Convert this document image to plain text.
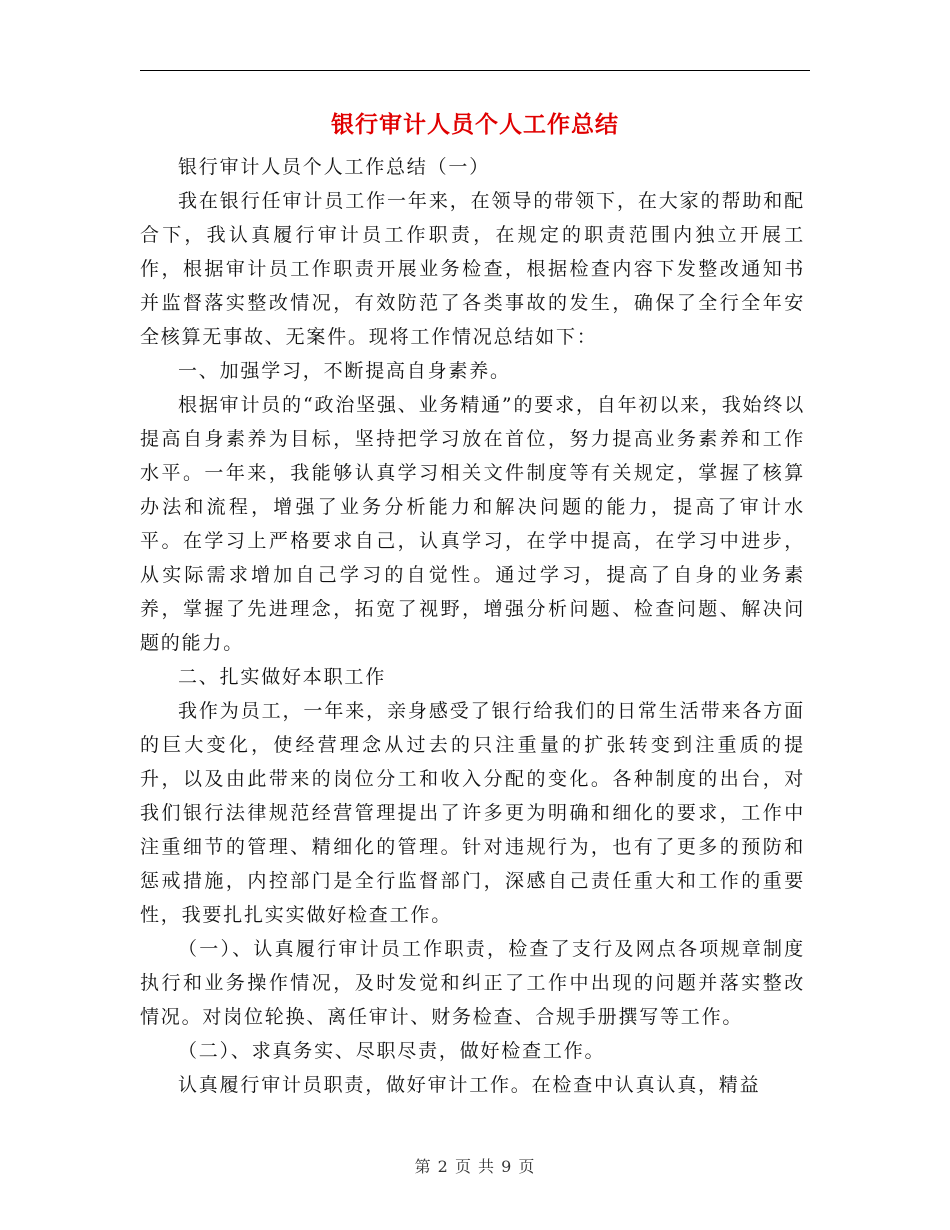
银行审计人员个人工作总结

银行审计人员个人工作总结（一）

我在银行任审计员工作一年来，在领导的带领下，在大家的帮助和配合下，我认真履行审计员工作职责，在规定的职责范围内独立开展工作，根据审计员工作职责开展业务检查，根据检查内容下发整改通知书并监督落实整改情况，有效防范了各类事故的发生，确保了全行全年安全核算无事故、无案件。现将工作情况总结如下：

一、加强学习，不断提高自身素养。

根据审计员的“政治坚强、业务精通”的要求，自年初以来，我始终以提高自身素养为目标，坚持把学习放在首位，努力提高业务素养和工作水平。一年来，我能够认真学习相关文件制度等有关规定，掌握了核算办法和流程，增强了业务分析能力和解决问题的能力，提高了审计水平。在学习上严格要求自己，认真学习，在学中提高，在学习中进步，从实际需求增加自己学习的自觉性。通过学习，提高了自身的业务素养，掌握了先进理念，拓宽了视野，增强分析问题、检查问题、解决问题的能力。

二、扎实做好本职工作

我作为员工，一年来，亲身感受了银行给我们的日常生活带来各方面的巨大变化，使经营理念从过去的只注重量的扩张转变到注重质的提升，以及由此带来的岗位分工和收入分配的变化。各种制度的出台，对我们银行法律规范经营管理提出了许多更为明确和细化的要求，工作中注重细节的管理、精细化的管理。针对违规行为，也有了更多的预防和惩戒措施，内控部门是全行监督部门，深感自己责任重大和工作的重要性，我要扎扎实实做好检查工作。

（一）、认真履行审计员工作职责，检查了支行及网点各项规章制度执行和业务操作情况，及时发觉和纠正了工作中出现的问题并落实整改情况。对岗位轮换、离任审计、财务检查、合规手册撰写等工作。

（二）、求真务实、尽职尽责，做好检查工作。

认真履行审计员职责，做好审计工作。在检查中认真认真，精益

第 2 页 共 9 页
